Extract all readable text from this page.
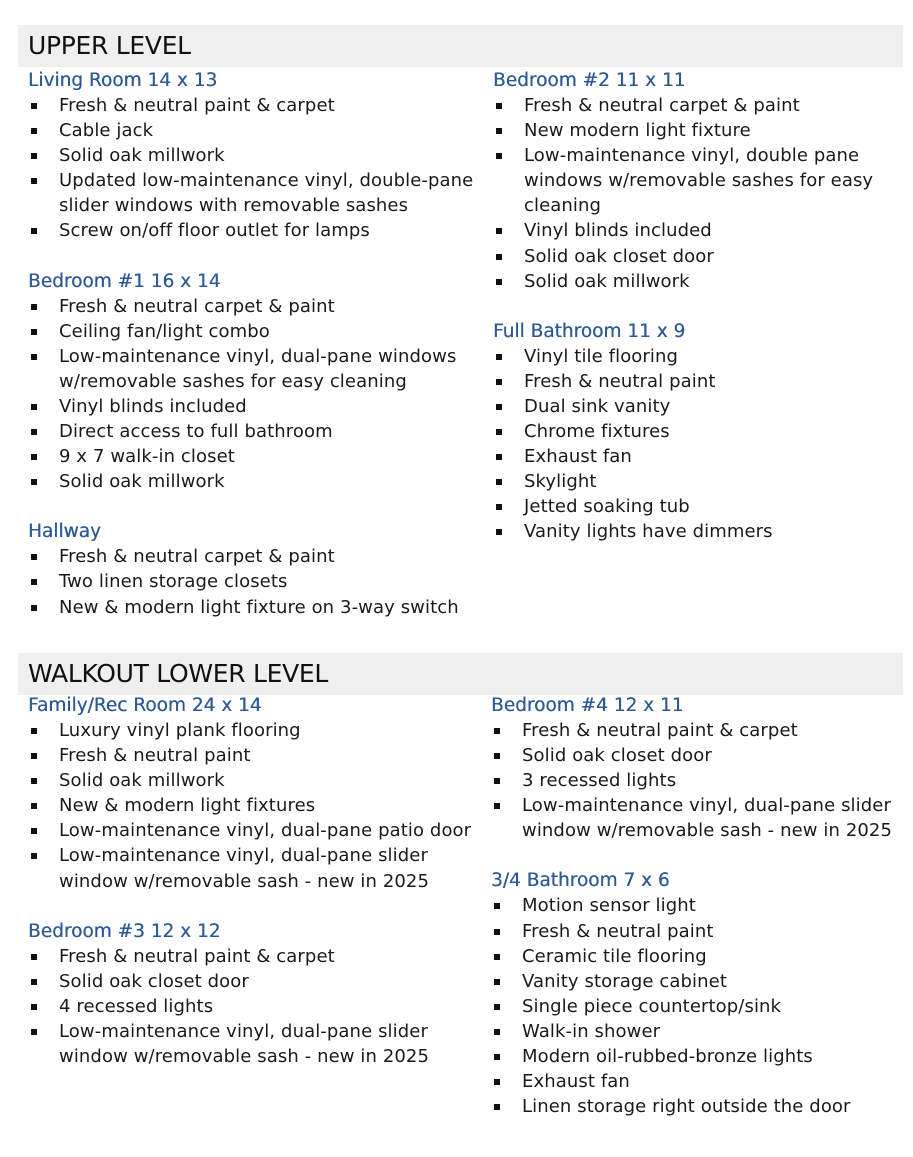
UPPER LEVEL
Living Room 14 x 13
Fresh & neutral paint & carpet
Cable jack
Solid oak millwork
Updated low-maintenance vinyl, double-pane slider windows with removable sashes
Screw on/off floor outlet for lamps
Bedroom #1 16 x 14
Fresh & neutral carpet & paint
Ceiling fan/light combo
Low-maintenance vinyl, dual-pane windows w/removable sashes for easy cleaning
Vinyl blinds included
Direct access to full bathroom
9 x 7 walk-in closet
Solid oak millwork
Hallway
Fresh & neutral carpet & paint
Two linen storage closets
New & modern light fixture on 3-way switch
Bedroom #2 11 x 11
Fresh & neutral carpet & paint
New modern light fixture
Low-maintenance vinyl, double pane windows w/removable sashes for easy cleaning
Vinyl blinds included
Solid oak closet door
Solid oak millwork
Full Bathroom 11 x 9
Vinyl tile flooring
Fresh & neutral paint
Dual sink vanity
Chrome fixtures
Exhaust fan
Skylight
Jetted soaking tub
Vanity lights have dimmers
WALKOUT LOWER LEVEL
Family/Rec Room 24 x 14
Luxury vinyl plank flooring
Fresh & neutral paint
Solid oak millwork
New & modern light fixtures
Low-maintenance vinyl, dual-pane patio door
Low-maintenance vinyl, dual-pane slider window w/removable sash - new in 2025
Bedroom #3 12 x 12
Fresh & neutral paint & carpet
Solid oak closet door
4 recessed lights
Low-maintenance vinyl, dual-pane slider window w/removable sash - new in 2025
Bedroom #4 12 x 11
Fresh & neutral paint & carpet
Solid oak closet door
3 recessed lights
Low-maintenance vinyl, dual-pane slider window w/removable sash - new in 2025
3/4 Bathroom 7 x 6
Motion sensor light
Fresh & neutral paint
Ceramic tile flooring
Vanity storage cabinet
Single piece countertop/sink
Walk-in shower
Modern oil-rubbed-bronze lights
Exhaust fan
Linen storage right outside the door
